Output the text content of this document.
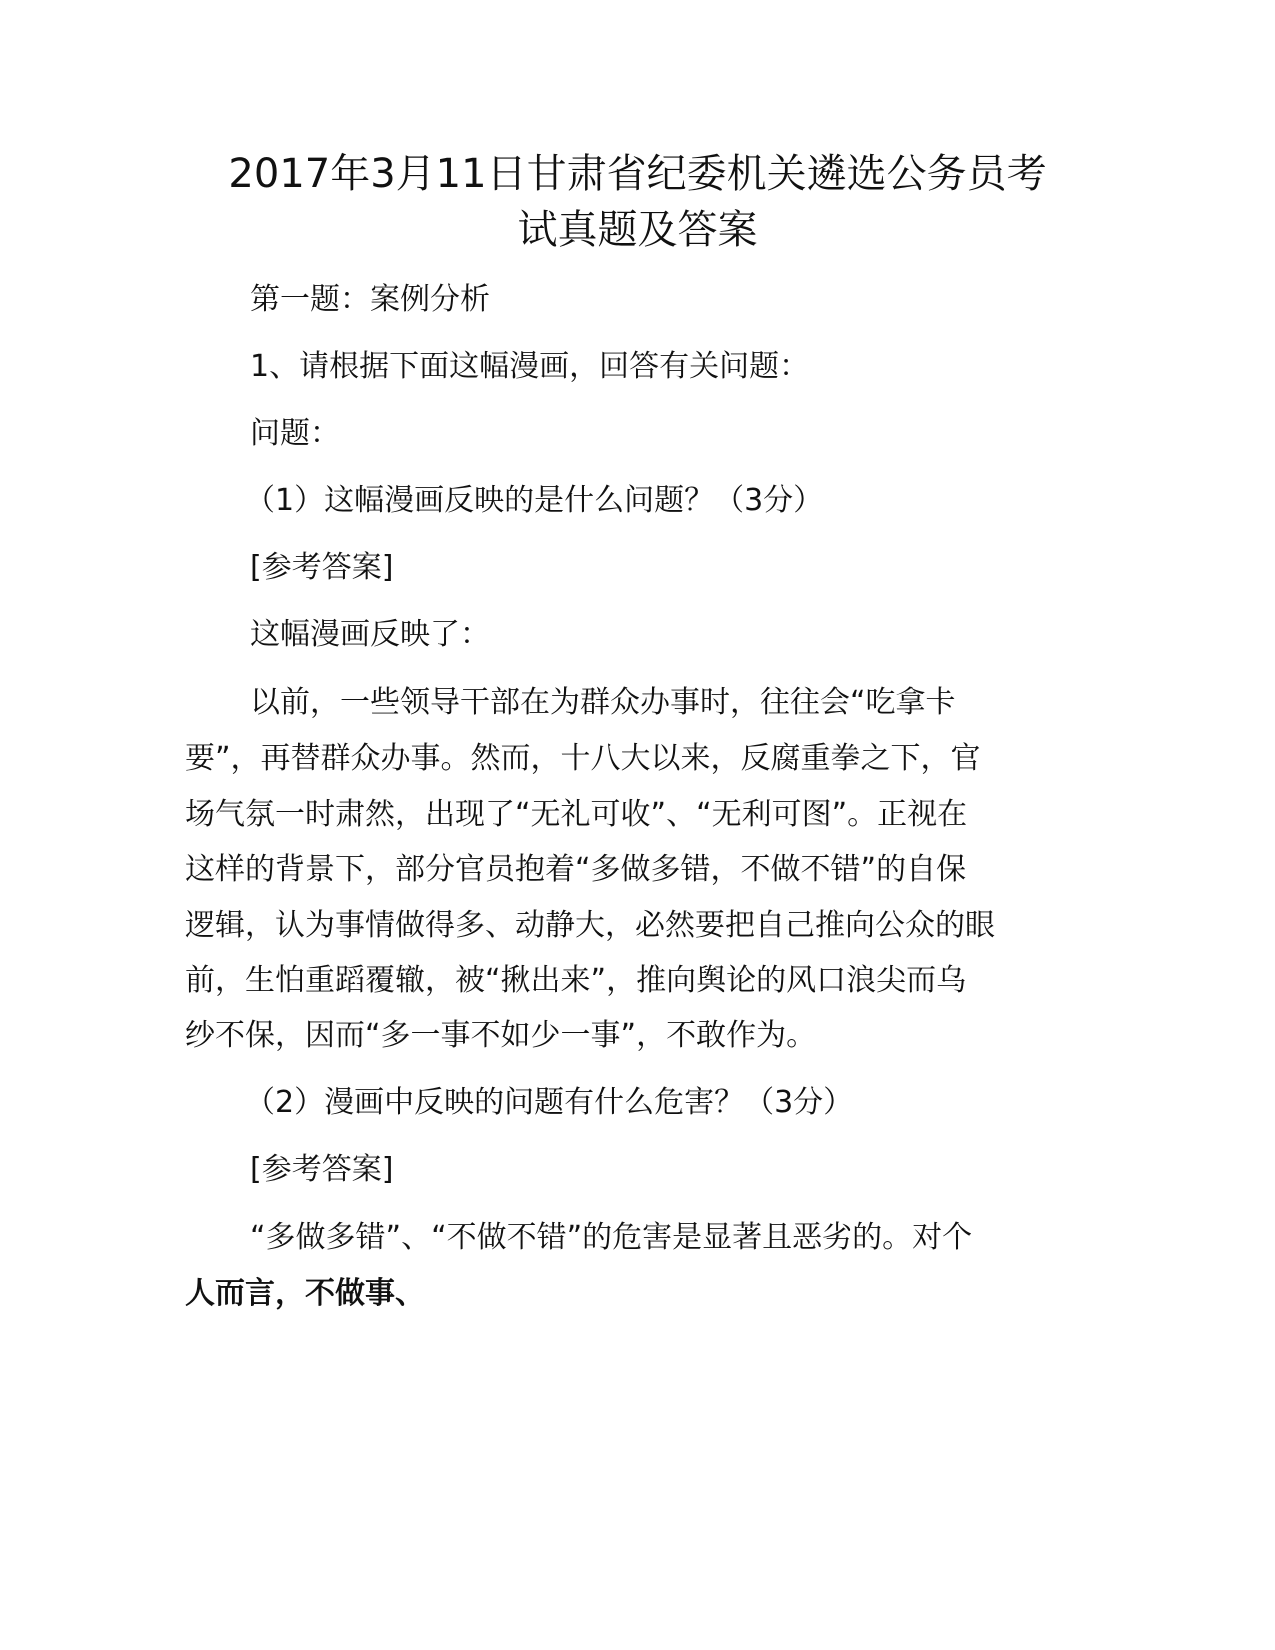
2017年3月11日甘肃省纪委机关遴选公务员考
试真题及答案

第一题：案例分析

1、请根据下面这幅漫画，回答有关问题：

问题：

（1）这幅漫画反映的是什么问题？（3分）

[参考答案]

这幅漫画反映了：

以前，一些领导干部在为群众办事时，往往会“吃拿卡

要”，再替群众办事。然而，十八大以来，反腐重拳之下，官

场气氛一时肃然，出现了“无礼可收”、“无利可图”。正视在

这样的背景下，部分官员抱着“多做多错，不做不错”的自保

逻辑，认为事情做得多、动静大，必然要把自己推向公众的眼

前，生怕重蹈覆辙，被“揪出来”，推向舆论的风口浪尖而乌

纱不保，因而“多一事不如少一事”，不敢作为。

（2）漫画中反映的问题有什么危害？（3分）

[参考答案]

“多做多错”、“不做不错”的危害是显著且恶劣的。对个

人而言，不做事、
